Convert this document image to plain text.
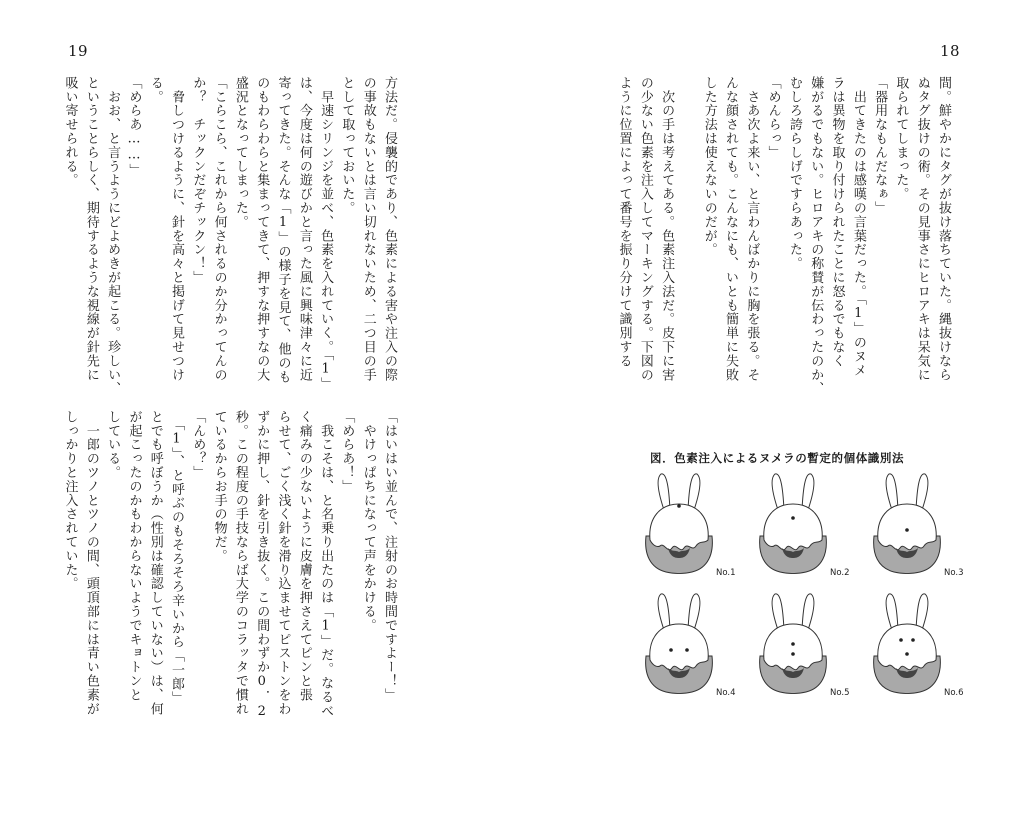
19	18
間。鮮やかにタグが抜け落ちていた。縄抜けなら
ぬタグ抜けの術。その見事さにヒロアキは呆気に
取られてしまった。
「器用なもんだなぁ」
　出てきたのは感嘆の言葉だった。「1」のヌメ
ラは異物を取り付けられたことに怒るでもなく
嫌がるでもない。ヒロアキの称賛が伝わったのか、
むしろ誇らしげですらあった。
「めんらっ」
　さあ次よ来い、と言わんばかりに胸を張る。そ
んな顔されても。こんなにも、いとも簡単に失敗
した方法は使えないのだが。

　次の手は考えてある。色素注入法だ。皮下に害
の少ない色素を注入してマーキングする。下図の
ように位置によって番号を振り分けて識別する
図．色素注入によるヌメラの暫定的個体識別法
No.1	No.2	No.3
No.4	No.5	No.6
方法だ。侵襲的であり、色素による害や注入の際
の事故もないとは言い切れないため、二つ目の手
として取っておいた。
　早速シリンジを並べ、色素を入れていく。「1」
は、今度は何の遊びかと言った風に興味津々に近
寄ってきた。そんな「1」の様子を見て、他のも
のもわらわらと集まってきて、押すな押すなの大
盛況となってしまった。
「こらこら、これから何されるのか分かってんの
か？　チックンだぞチックン！」
　脅しつけるように、針を高々と掲げて見せつけ
る。
「めらあ……」
　おお、と言うようにどよめきが起こる。珍しい、
ということらしく、期待するような視線が針先に
吸い寄せられる。
「はいはい並んで、注射のお時間ですよー！」
　やけっぱちになって声をかける。
「めらあ！」
　我こそは、と名乗り出たのは「1」だ。なるべ
く痛みの少ないように皮膚を押さえてピンと張
らせて、ごく浅く針を滑り込ませてピストンをわ
ずかに押し、針を引き抜く。この間わずか0．2
秒。この程度の手技ならば大学のコラッタで慣れ
ているからお手の物だ。
「んめ？」
　「1」、と呼ぶのもそろそろ辛いから「一郎」
とでも呼ぼうか（性別は確認していない）は、何
が起こったのかもわからないようでキョトンと
している。
　一郎のツノとツノの間、頭頂部には青い色素が
しっかりと注入されていた。
